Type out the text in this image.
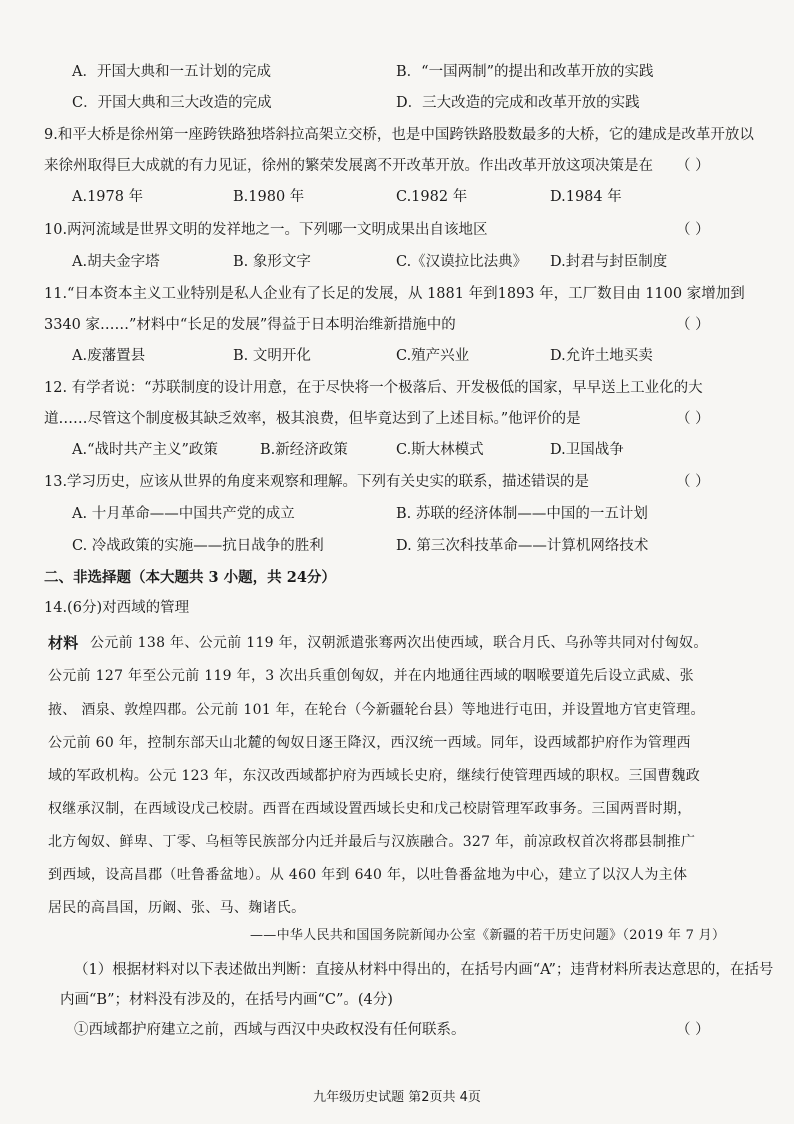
A．开国大典和一五计划的完成	B．“一国两制”的提出和改革开放的实践
C．开国大典和三大改造的完成	D．三大改造的完成和改革开放的实践
9.和平大桥是徐州第一座跨铁路独塔斜拉高架立交桥，也是中国跨铁路股数最多的大桥，它的建成是改革开放以
来徐州取得巨大成就的有力见证，徐州的繁荣发展离不开改革开放。作出改革开放这项决策是在 （ ）
A.1978 年	B.1980 年	C.1982 年	D.1984 年
10.两河流域是世界文明的发祥地之一。下列哪一文明成果出自该地区	（ ）
A.胡夫金字塔	B. 象形文字	C.《汉谟拉比法典》 D.封君与封臣制度
11.“日本资本主义工业特别是私人企业有了长足的发展，从 1881 年到1893 年，工厂数目由 1100 家增加到
3340 家……”材料中“长足的发展”得益于日本明治维新措施中的	（ ）
A.废藩置县	B. 文明开化	C.殖产兴业	D.允许土地买卖
12. 有学者说：“苏联制度的设计用意，在于尽快将一个极落后、开发极低的国家，早早送上工业化的大
道……尽管这个制度极其缺乏效率，极其浪费，但毕竟达到了上述目标。”他评价的是	（ ）
A.“战时共产主义”政策	B.新经济政策	C.斯大林模式	D.卫国战争
13.学习历史，应该从世界的角度来观察和理解。下列有关史实的联系，描述错误的是	（ ）
A. 十月革命——中国共产党的成立	B. 苏联的经济体制——中国的一五计划
C. 冷战政策的实施——抗日战争的胜利	D. 第三次科技革命——计算机网络技术
二、非选择题（本大题共 3 小题，共 24分）
14.(6分)对西域的管理
材料 公元前 138 年、公元前 119 年，汉朝派遣张骞两次出使西域，联合月氏、乌孙等共同对付匈奴。
公元前 127 年至公元前 119 年，3 次出兵重创匈奴，并在内地通往西域的咽喉要道先后设立武威、张
掖、 酒泉、敦煌四郡。公元前 101 年，在轮台（今新疆轮台县）等地进行屯田，并设置地方官吏管理。
公元前 60 年，控制东部天山北麓的匈奴日逐王降汉，西汉统一西域。同年，设西域都护府作为管理西
域的军政机构。公元 123 年，东汉改西域都护府为西域长史府，继续行使管理西域的职权。三国曹魏政
权继承汉制，在西域设戊己校尉。西晋在西域设置西域长史和戊己校尉管理军政事务。三国两晋时期，
北方匈奴、鲜卑、丁零、乌桓等民族部分内迁并最后与汉族融合。327 年，前凉政权首次将郡县制推广
到西域，设高昌郡（吐鲁番盆地）。从 460 年到 640 年，以吐鲁番盆地为中心，建立了以汉人为主体
居民的高昌国，历阚、张、马、麹诸氏。
——中华人民共和国国务院新闻办公室《新疆的若干历史问题》（2019 年 7 月）
（1）根据材料对以下表述做出判断：直接从材料中得出的，在括号内画“A”；违背材料所表达意思的，在括号
内画“B”；材料没有涉及的，在括号内画“C”。(4分)
①西域都护府建立之前，西域与西汉中央政权没有任何联系。	（ ）
九年级历史试题 第2页共 4页
